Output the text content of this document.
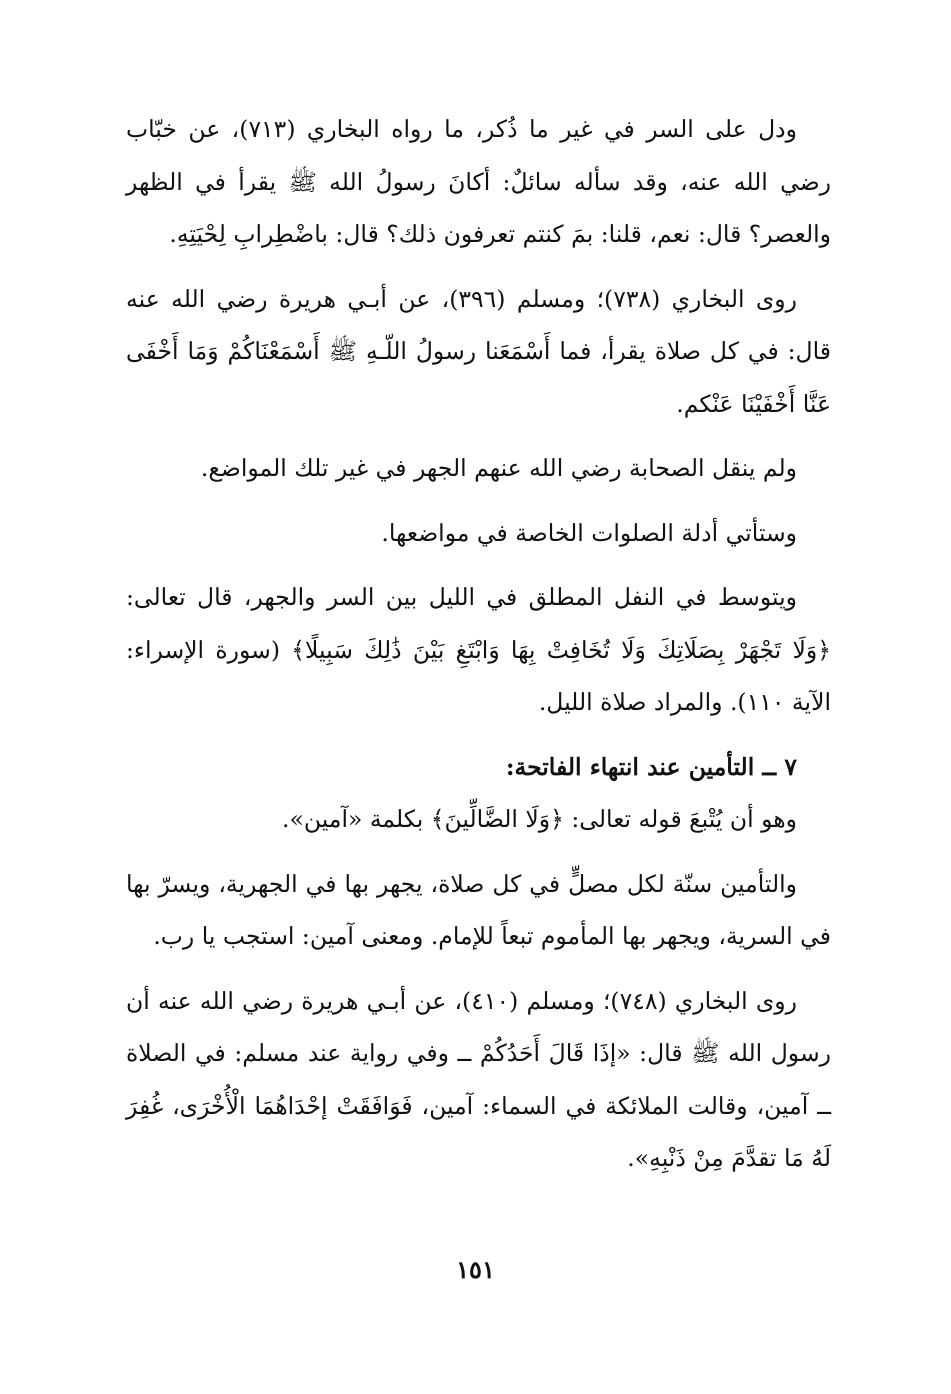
ودل على السر في غير ما ذُكر، ما رواه البخاري (٧١٣)، عن خبّاب رضي الله عنه، وقد سأله سائلٌ: أكانَ رسولُ الله ﷺ يقرأ في الظهر والعصر؟ قال: نعم، قلنا: بمَ كنتم تعرفون ذلك؟ قال: باضْطِرابِ لِحْيَتِهِ.

روى البخاري (٧٣٨)؛ ومسلم (٣٩٦)، عن أبـي هريرة رضي الله عنه قال: في كل صلاة يقرأ، فما أَسْمَعَنا رسولُ اللّـهِ ﷺ أَسْمَعْنَاكُمْ وَمَا أَخْفَى عَنَّا أَخْفَيْنَا عَنْكم.

ولم ينقل الصحابة رضي الله عنهم الجهر في غير تلك المواضع.

وستأتي أدلة الصلوات الخاصة في مواضعها.

ويتوسط في النفل المطلق في الليل بين السر والجهر، قال تعالى: ﴿وَلَا تَجْهَرْ بِصَلَاتِكَ وَلَا تُخَافِتْ بِهَا وَابْتَغِ بَيْنَ ذَٰلِكَ سَبِيلًا﴾ (سورة الإسراء: الآية ١١٠). والمراد صلاة الليل.

٧ ــ التأمين عند انتهاء الفاتحة:

وهو أن يُتْبعَ قوله تعالى: ﴿وَلَا الضَّالِّينَ﴾ بكلمة «آمين».

والتأمين سنّة لكل مصلٍّ في كل صلاة، يجهر بها في الجهرية، ويسرّ بها في السرية، ويجهر بها المأموم تبعاً للإمام. ومعنى آمين: استجب يا رب.

روى البخاري (٧٤٨)؛ ومسلم (٤١٠)، عن أبـي هريرة رضي الله عنه أن رسول الله ﷺ قال: «إذَا قَالَ أَحَدُكُمْ ــ وفي رواية عند مسلم: في الصلاة ــ آمين، وقالت الملائكة في السماء: آمين، فَوَافَقَتْ إحْدَاهُمَا الْأُخْرَى، غُفِرَ لَهُ مَا تقدَّمَ مِنْ ذَنْبِهِ».

١٥١
